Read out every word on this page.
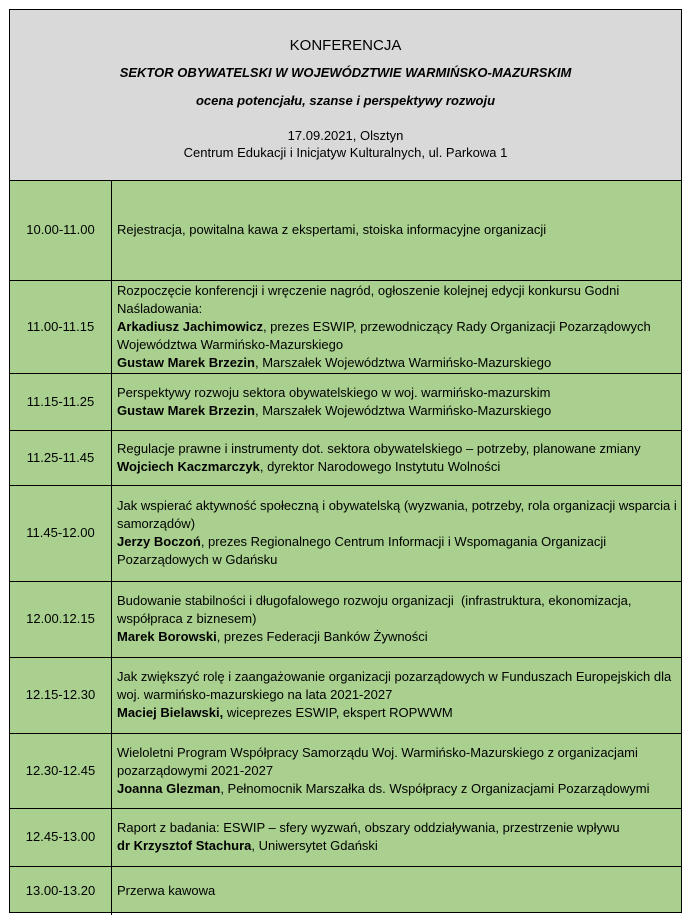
KONFERENCJA
SEKTOR OBYWATELSKI W WOJEWÓDZTWIE WARMIŃSKO-MAZURSKIM
ocena potencjału, szanse i perspektywy rozwoju
17.09.2021, Olsztyn
Centrum Edukacji i Inicjatyw Kulturalnych, ul. Parkowa 1
10.00-11.00	Rejestracja, powitalna kawa z ekspertami, stoiska informacyjne organizacji

11.00-11.15	Rozpoczęcie konferencji i wręczenie nagród, ogłoszenie kolejnej edycji konkursu Godni Naśladowania:
Arkadiusz Jachimowicz, prezes ESWIP, przewodniczący Rady Organizacji Pozarządowych Województwa Warmińsko-Mazurskiego
Gustaw Marek Brzezin, Marszałek Województwa Warmińsko-Mazurskiego

11.15-11.25	Perspektywy rozwoju sektora obywatelskiego w woj. warmińsko-mazurskim
Gustaw Marek Brzezin, Marszałek Województwa Warmińsko-Mazurskiego

11.25-11.45	Regulacje prawne i instrumenty dot. sektora obywatelskiego – potrzeby, planowane zmiany
Wojciech Kaczmarczyk, dyrektor Narodowego Instytutu Wolności

11.45-12.00	Jak wspierać aktywność społeczną i obywatelską (wyzwania, potrzeby, rola organizacji wsparcia i samorządów)
Jerzy Boczoń, prezes Regionalnego Centrum Informacji i Wspomagania Organizacji Pozarządowych w Gdańsku

12.00.12.15	Budowanie stabilności i długofalowego rozwoju organizacji  (infrastruktura, ekonomizacja, współpraca z biznesem)
Marek Borowski, prezes Federacji Banków Żywności

12.15-12.30	Jak zwiększyć rolę i zaangażowanie organizacji pozarządowych w Funduszach Europejskich dla woj. warmińsko-mazurskiego na lata 2021-2027
Maciej Bielawski, wiceprezes ESWIP, ekspert ROPWWM

12.30-12.45	Wieloletni Program Współpracy Samorządu Woj. Warmińsko-Mazurskiego z organizacjami pozarządowymi 2021-2027
Joanna Glezman, Pełnomocnik Marszałka ds. Współpracy z Organizacjami Pozarządowymi

12.45-13.00	Raport z badania: ESWIP – sfery wyzwań, obszary oddziaływania, przestrzenie wpływu
dr Krzysztof Stachura, Uniwersytet Gdański

13.00-13.20	Przerwa kawowa
